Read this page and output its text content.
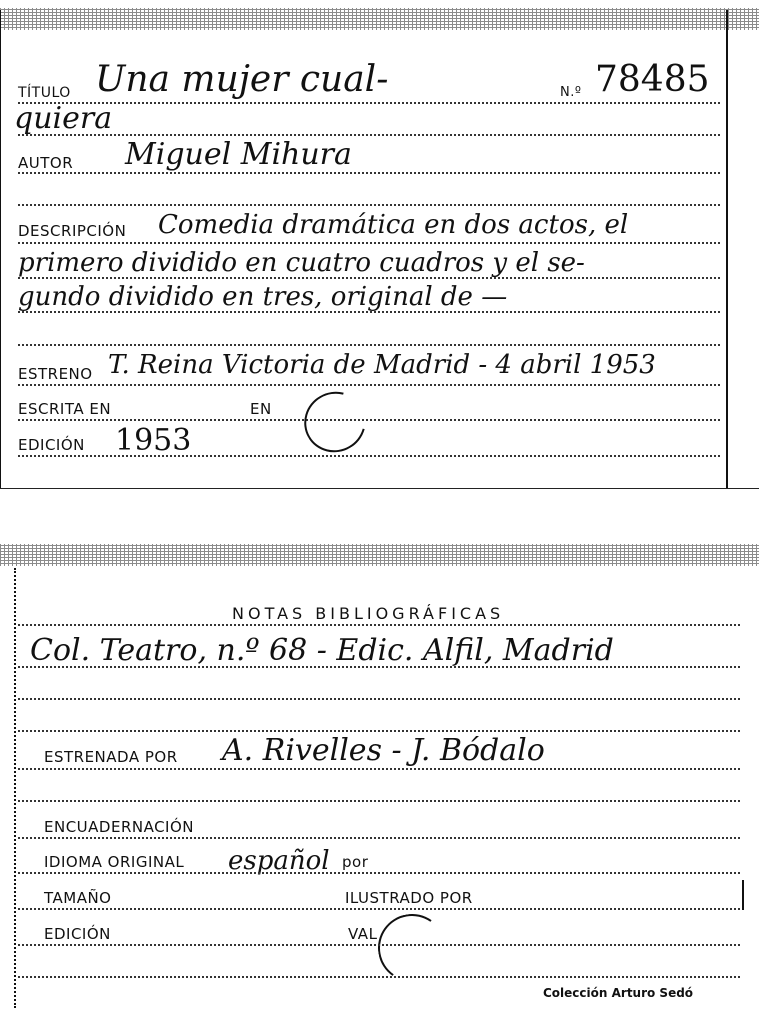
TÍTULO Una mujer cual-	N.º 78485
quiera
AUTOR Miguel Mihura
DESCRIPCIÓN Comedia dramática en dos actos, el
primero dividido en cuatro cuadros y el se-
gundo dividido en tres, original de —
ESTRENO T. Reina Victoria de Madrid - 4 abril 1953
ESCRITA EN	EN
EDICIÓN 1953
NOTAS BIBLIOGRÁFICAS
Col. Teatro, n.º 68 - Edic. Alfil, Madrid
ESTRENADA POR A. Rivelles - J. Bódalo
ENCUADERNACIÓN
IDIOMA ORIGINAL español por
TAMAÑO	ILUSTRADO POR
EDICIÓN	VAL
Colección Arturo Sedó
